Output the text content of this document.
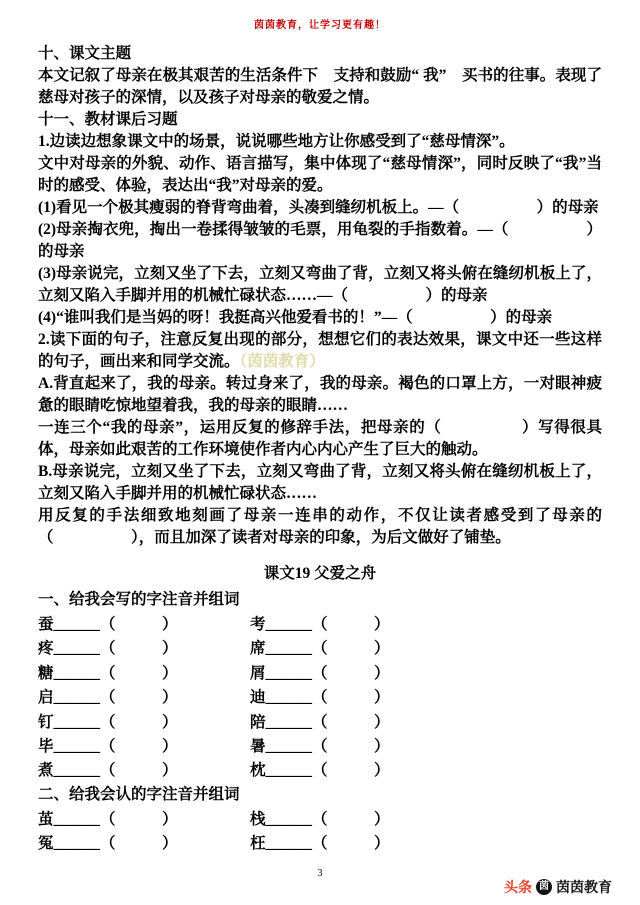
茵茵教育，让学习更有趣！

十、课文主题

本文记叙了母亲在极其艰苦的生活条件下　支持和鼓励“ 我”　买书的往事。表现了慈母对孩子的深情，以及孩子对母亲的敬爱之情。

十一、教材课后习题

1.边读边想象课文中的场景，说说哪些地方让你感受到了“慈母情深”。

文中对母亲的外貌、动作、语言描写，集中体现了“慈母情深”，同时反映了“我”当时的感受、体验，表达出“我”对母亲的爱。

(1)看见一个极其瘦弱的脊背弯曲着，头凑到缝纫机板上。—（　　　　　）的母亲

(2)母亲掏衣兜，掏出一卷揉得皱皱的毛票，用龟裂的手指数着。—（　　　　　）的母亲

(3)母亲说完，立刻又坐了下去，立刻又弯曲了背，立刻又将头俯在缝纫机板上了，立刻又陷入手脚并用的机械忙碌状态……—（　　　　　）的母亲

(4)“谁叫我们是当妈的呀！我挺高兴他爱看书的！”—（　　　　　）的母亲

2.读下面的句子，注意反复出现的部分，想想它们的表达效果，课文中还一些这样的句子，画出来和同学交流。（茵茵教育）

A.背直起来了，我的母亲。转过身来了，我的母亲。褐色的口罩上方，一对眼神疲惫的眼睛吃惊地望着我，我的母亲的眼睛……

一连三个“我的母亲”，运用反复的修辞手法，把母亲的（　　　　　）写得很具体，母亲如此艰苦的工作环境使作者内心内心产生了巨大的触动。

B.母亲说完，立刻又坐了下去，立刻又弯曲了背，立刻又将头俯在缝纫机板上了，立刻又陷入手脚并用的机械忙碌状态……

用反复的手法细致地刻画了母亲一连串的动作，不仅让读者感受到了母亲的（　　　　　），而且加深了读者对母亲的印象，为后文做好了铺垫。

课文19 父爱之舟

一、给我会写的字注音并组词

蚕______（　　　）	考______（　　　）
疼______（　　　）	席______（　　　）
糖______（　　　）	屑______（　　　）
启______（　　　）	迪______（　　　）
钉______（　　　）	陪______（　　　）
毕______（　　　）	暑______（　　　）
煮______（　　　）	枕______（　　　）

二、给我会认的字注音并组词

茧______（　　　）	栈______（　　　）
冤______（　　　）	枉______（　　　）
3
头条 茵 茵茵教育
